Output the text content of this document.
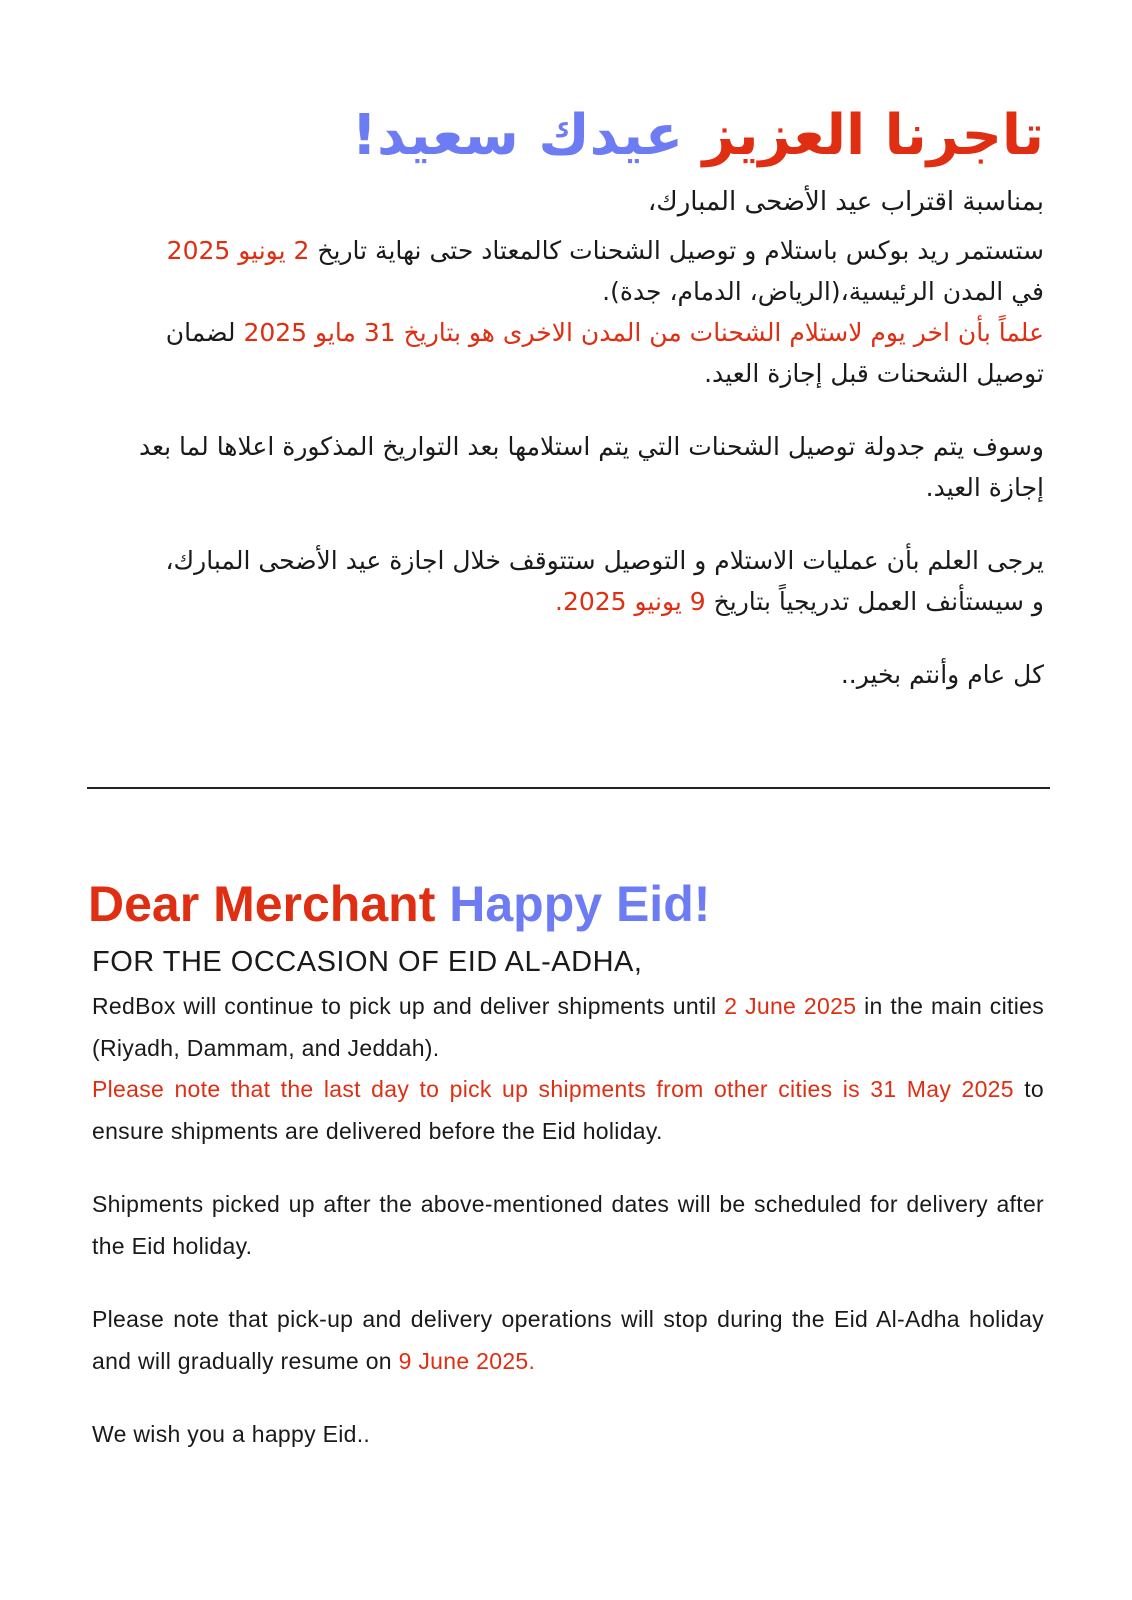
تاجرنا العزيز عيدك سعيد!
بمناسبة اقتراب عيد الأضحى المبارك،

ستستمر ريد بوكس باستلام و توصيل الشحنات كالمعتاد حتى نهاية تاريخ 2 يونيو 2025
في المدن الرئيسية،(الرياض، الدمام، جدة).
علماً بأن اخر يوم لاستلام الشحنات من المدن الاخرى هو بتاريخ 31 مايو 2025 لضمان توصيل الشحنات قبل إجازة العيد.

وسوف يتم جدولة توصيل الشحنات التي يتم استلامها بعد التواريخ المذكورة اعلاها لما بعد إجازة العيد.

يرجى العلم بأن عمليات الاستلام و التوصيل ستتوقف خلال اجازة عيد الأضحى المبارك،
و سيستأنف العمل تدريجياً بتاريخ 9 يونيو 2025.

كل عام وأنتم بخير..

Dear Merchant Happy Eid!
FOR THE OCCASION OF EID AL-ADHA,

RedBox will continue to pick up and deliver shipments until 2 June 2025 in the main cities (Riyadh, Dammam, and Jeddah).
Please note that the last day to pick up shipments from other cities is 31 May 2025 to ensure shipments are delivered before the Eid holiday.

Shipments picked up after the above-mentioned dates will be scheduled for delivery after the Eid holiday.

Please note that pick-up and delivery operations will stop during the Eid Al-Adha holiday and will gradually resume on 9 June 2025.

We wish you a happy Eid..
